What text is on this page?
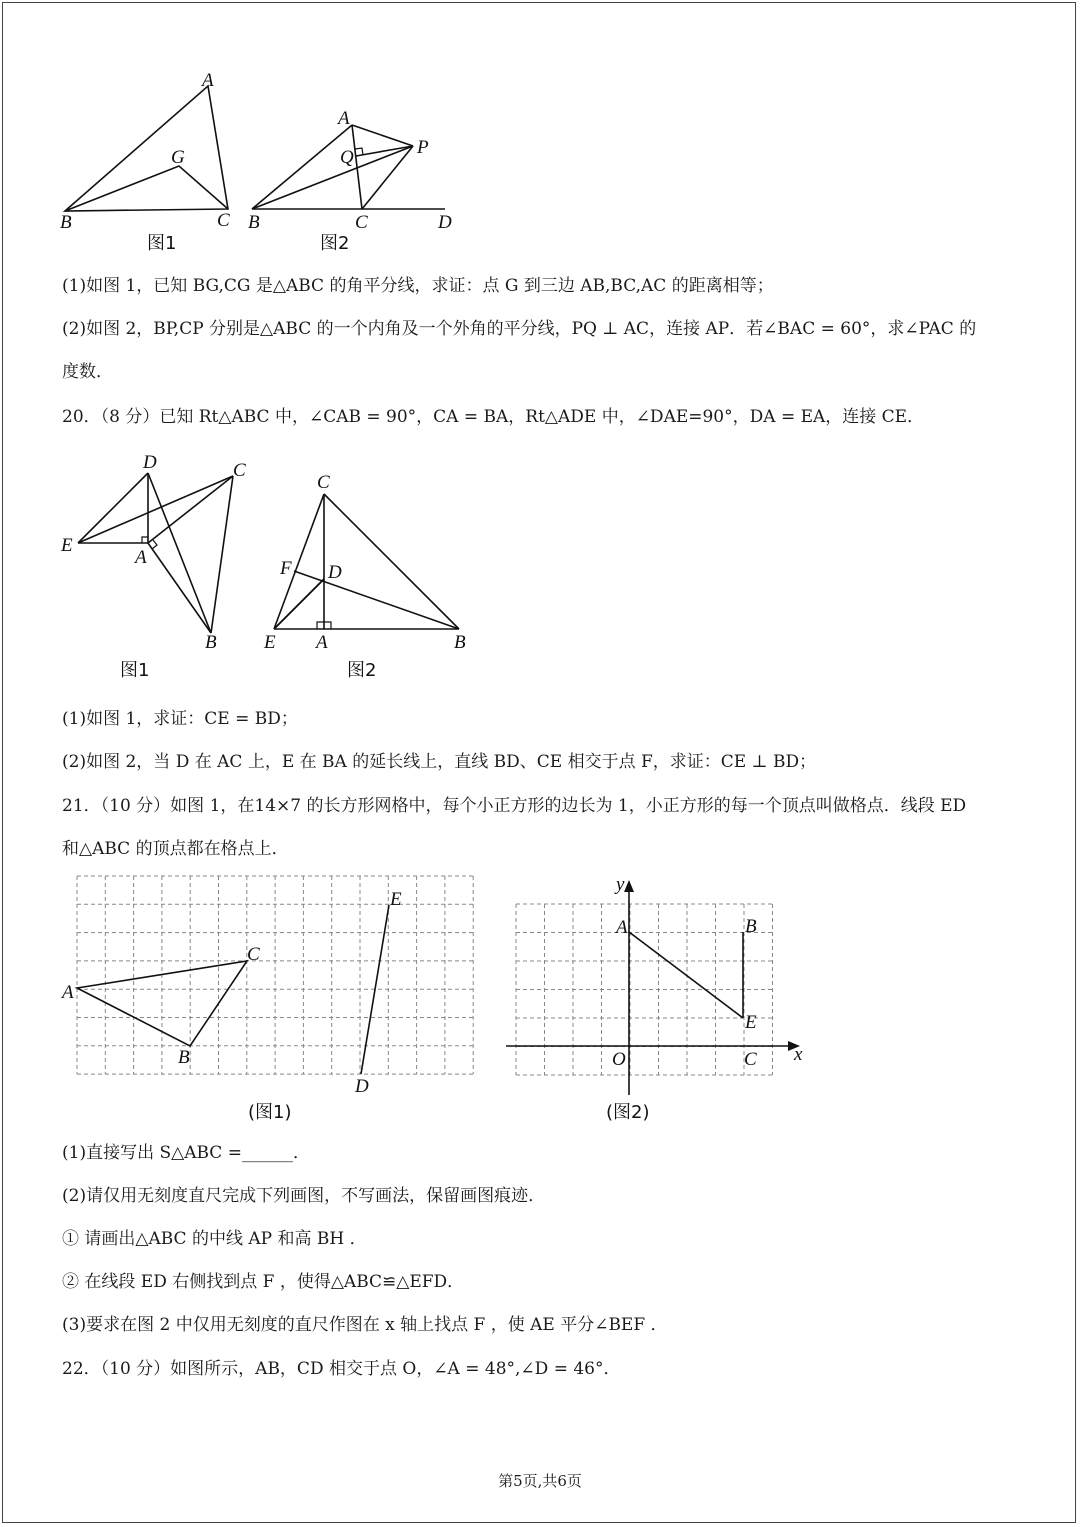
A
G
B	C
图1
A
Q	P
B	C	D
图2
(1)如图 1，已知 BG,CG 是△ABC 的角平分线，求证：点 G 到三边 AB,BC,AC 的距离相等；
(2)如图 2，BP,CP 分别是△ABC 的一个内角及一个外角的平分线，PQ ⊥ AC，连接 AP．若∠BAC = 60°，求∠PAC 的
度数．
20．（8 分）已知 Rt△ABC 中，∠CAB = 90°，CA = BA，Rt△ADE 中，∠DAE=90°，DA = EA，连接 CE．
D	C
E
A
B
图1
C
F D
E A	B
图2
(1)如图 1，求证：CE = BD；
(2)如图 2，当 D 在 AC 上，E 在 BA 的延长线上，直线 BD、CE 相交于点 F，求证：CE ⊥ BD；
21．（10 分）如图 1，在14×7 的长方形网格中，每个小正方形的边长为 1，小正方形的每一个顶点叫做格点．线段 ED
和△ABC 的顶点都在格点上．
A
C
B
E
D
(图1)
y
x
A	B
E
O	C
(图2)
(1)直接写出 S△ABC =______．
(2)请仅用无刻度直尺完成下列画图，不写画法，保留画图痕迹．
① 请画出△ABC 的中线 AP 和高 BH ．
② 在线段 ED 右侧找到点 F ，使得△ABC≌△EFD．
(3)要求在图 2 中仅用无刻度的直尺作图在 x 轴上找点 F ，使 AE 平分∠BEF ．
22．（10 分）如图所示，AB，CD 相交于点 O，∠A = 48°,∠D = 46°．
第5页,共6页
